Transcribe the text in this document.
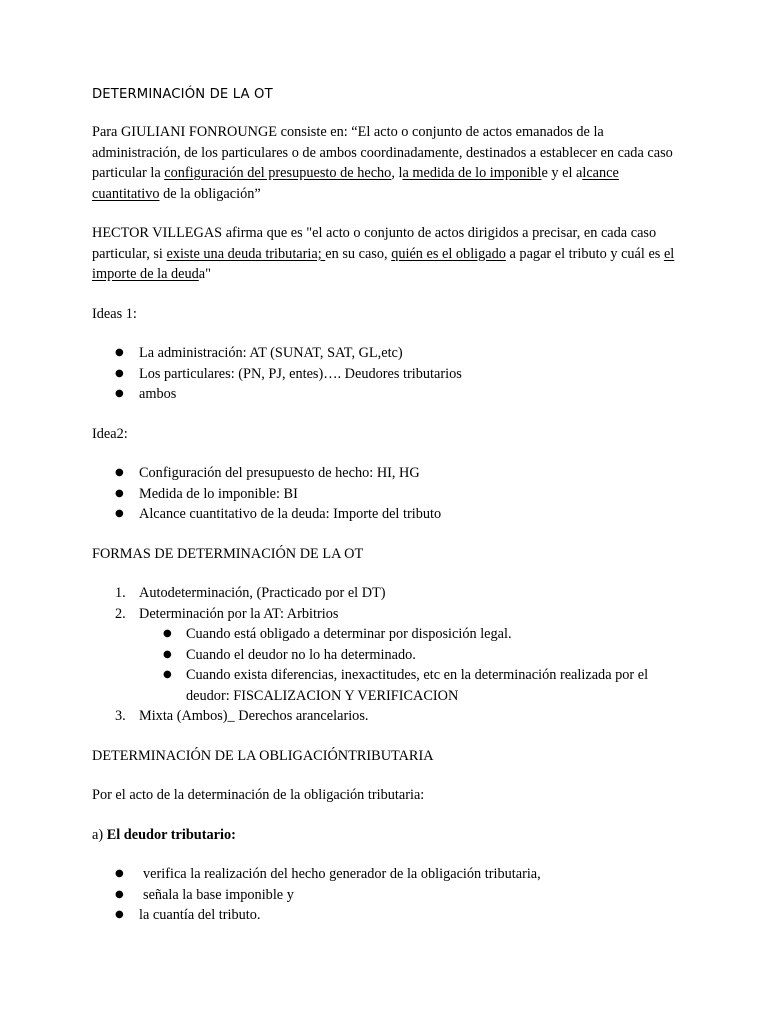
DETERMINACIÓN DE LA OT

Para GIULIANI FONROUNGE consiste en: “El acto o conjunto de actos emanados de la administración, de los particulares o de ambos coordinadamente, destinados a establecer en cada caso particular la configuración del presupuesto de hecho, la medida de lo imponible y el alcance cuantitativo de la obligación”

HECTOR VILLEGAS afirma que es "el acto o conjunto de actos dirigidos a precisar, en cada caso particular, si existe una deuda tributaria; en su caso, quién es el obligado a pagar el tributo y cuál es el importe de la deuda"

Ideas 1:

● La administración: AT (SUNAT, SAT, GL,etc)
● Los particulares: (PN, PJ, entes)…. Deudores tributarios
● ambos

Idea2:

● Configuración del presupuesto de hecho: HI, HG
● Medida de lo imponible: BI
● Alcance cuantitativo de la deuda: Importe del tributo

FORMAS DE DETERMINACIÓN DE LA OT

1. Autodeterminación, (Practicado por el DT)
2. Determinación por la AT: Arbitrios
● Cuando está obligado a determinar por disposición legal.
● Cuando el deudor no lo ha determinado.
● Cuando exista diferencias, inexactitudes, etc en la determinación realizada por el deudor: FISCALIZACION Y VERIFICACION
3. Mixta (Ambos)_ Derechos arancelarios.

DETERMINACIÓN DE LA OBLIGACIÓNTRIBUTARIA

Por el acto de la determinación de la obligación tributaria:

a) El deudor tributario:

● verifica la realización del hecho generador de la obligación tributaria,
● señala la base imponible y
● la cuantía del tributo.
